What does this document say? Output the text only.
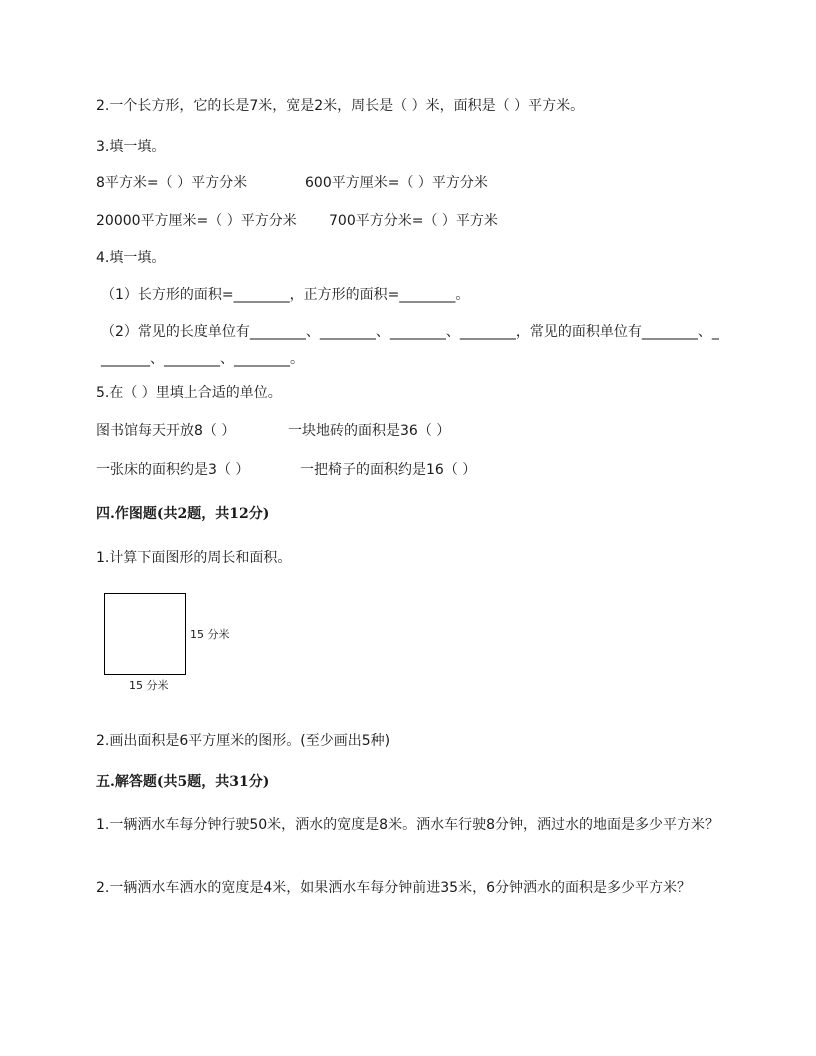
2.一个长方形，它的长是7米，宽是2米，周长是（ ）米，面积是（ ）平方米。

3.填一填。

8平方米=（ ）平方分米	600平方厘米=（ ）平方分米

20000平方厘米=（ ）平方分米 700平方分米=（ ）平方米

4.填一填。

（1）长方形的面积=________，正方形的面积=________。

（2）常见的长度单位有________、________、________、________，常见的面积单位有________、________、________、________。

5.在（ ）里填上合适的单位。

图书馆每天开放8（ ）	一块地砖的面积是36（ ）

一张床的面积约是3（ ）	一把椅子的面积约是16（ ）

四.作图题(共2题，共12分)

1.计算下面图形的周长和面积。

15 分米
15 分米

2.画出面积是6平方厘米的图形。(至少画出5种)

五.解答题(共5题，共31分)

1.一辆洒水车每分钟行驶50米，洒水的宽度是8米。洒水车行驶8分钟，洒过水的地面是多少平方米？

2.一辆洒水车洒水的宽度是4米，如果洒水车每分钟前进35米，6分钟洒水的面积是多少平方米？
